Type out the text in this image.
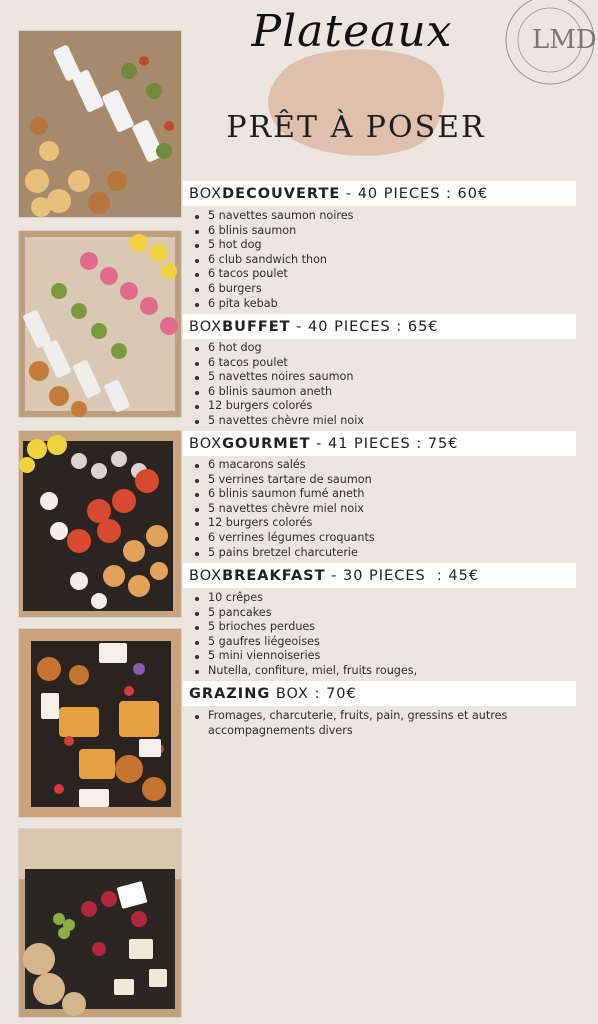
Plateaux
PRÊT À POSER
LMD
BOX DECOUVERTE - 40 PIECES : 60€
5 navettes saumon noires
6 blinis saumon
5 hot dog
6 club sandwich thon
6 tacos poulet
6 burgers
6 pita kebab
BOX BUFFET - 40 PIECES : 65€
6 hot dog
6 tacos poulet
5 navettes noires saumon
6 blinis saumon aneth
12 burgers colorés
5 navettes chèvre miel noix
BOX GOURMET - 41 PIECES : 75€
6 macarons salés
5 verrines tartare de saumon
6 blinis saumon fumé aneth
5 navettes chèvre miel noix
12 burgers colorés
6 verrines légumes croquants
5 pains bretzel charcuterie
BOX BREAKFAST - 30 PIECES  : 45€
10 crêpes
5 pancakes
5 brioches perdues
5 gaufres liégeoises
5 mini viennoiseries
Nutella, confiture, miel, fruits rouges,
GRAZING BOX : 70€
Fromages, charcuterie, fruits, pain, gressins et autres accompagnements divers
